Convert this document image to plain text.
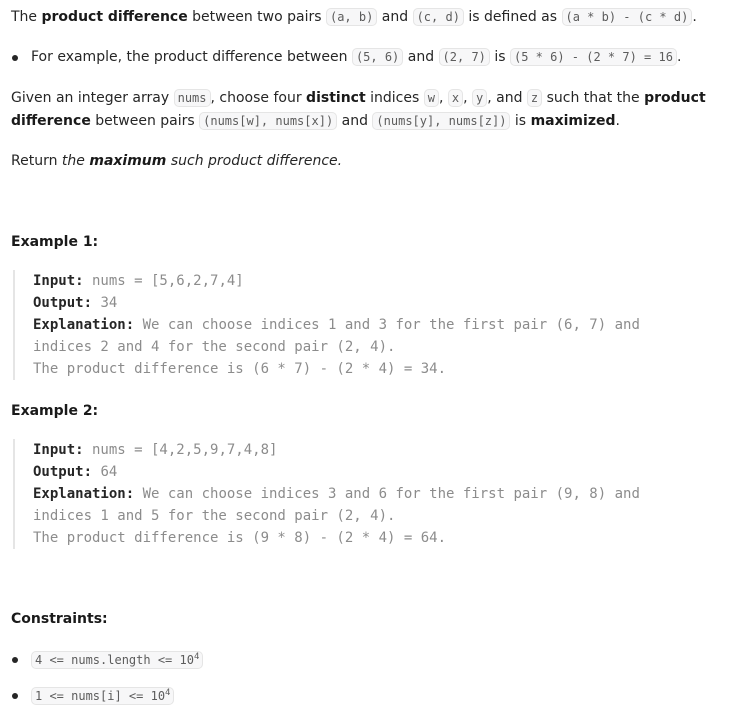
The product difference between two pairs (a, b) and (c, d) is defined as (a * b) - (c * d) .

For example, the product difference between (5, 6) and (2, 7) is (5 * 6) - (2 * 7) = 16 .

Given an integer array nums , choose four distinct indices w , x , y , and z such that the product difference between pairs (nums[w], nums[x]) and (nums[y], nums[z]) is maximized.

Return the maximum such product difference.

Example 1:
Input: nums = [5,6,2,7,4]
Output: 34
Explanation: We can choose indices 1 and 3 for the first pair (6, 7) and
indices 2 and 4 for the second pair (2, 4).
The product difference is (6 * 7) - (2 * 4) = 34.
Example 2:
Input: nums = [4,2,5,9,7,4,8]
Output: 64
Explanation: We can choose indices 3 and 6 for the first pair (9, 8) and
indices 1 and 5 for the second pair (2, 4).
The product difference is (9 * 8) - (2 * 4) = 64.
Constraints:
4 <= nums.length <= $10^4$
1 <= nums[i] <= $10^4$
